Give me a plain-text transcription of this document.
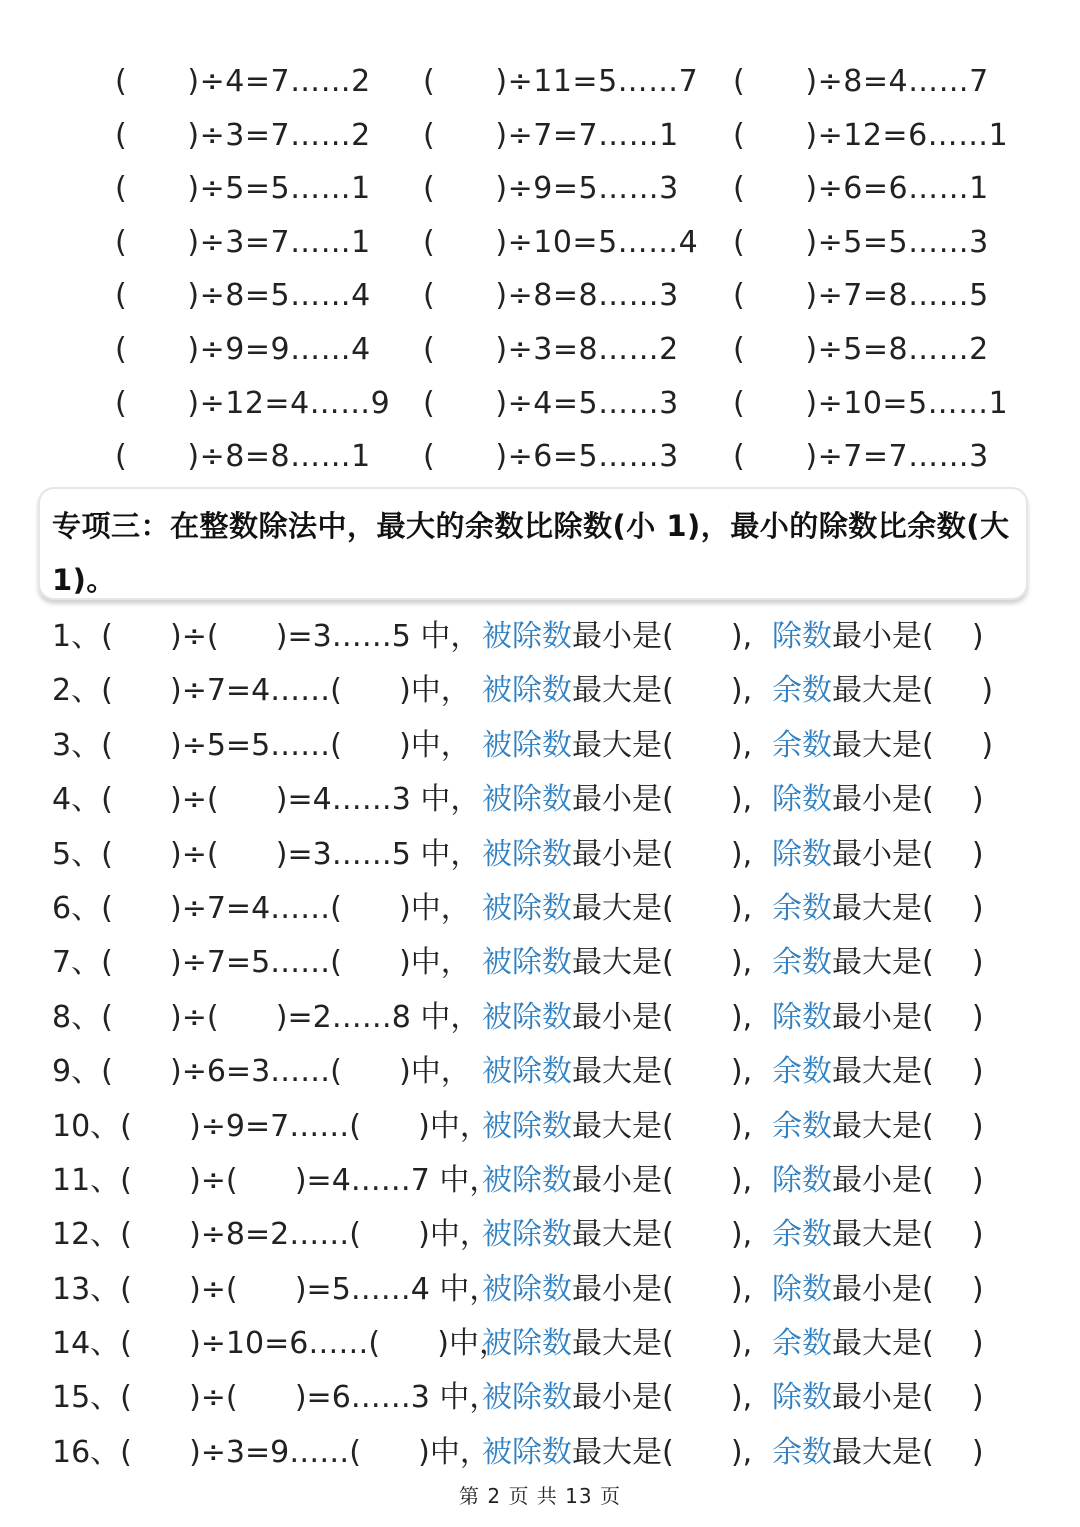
(      )÷4=7……2 (      )÷11=5……7 (      )÷8=4……7
(      )÷3=7……2 (      )÷7=7……1 (      )÷12=6……1
(      )÷5=5……1 (      )÷9=5……3 (      )÷6=6……1
(      )÷3=7……1 (      )÷10=5……4 (      )÷5=5……3
(      )÷8=5……4 (      )÷8=8……3 (      )÷7=8……5
(      )÷9=9……4 (      )÷3=8……2 (      )÷5=8……2
(      )÷12=4……9 (      )÷4=5……3 (      )÷10=5……1
(      )÷8=8……1 (      )÷6=5……3 (      )÷7=7……3
专项三：在整数除法中，最大的余数比除数(小 1)，最小的除数比余数(大 1)。
1、(      )÷(      )=3……5 中， 被除数最小是(      ), 除数最小是(    )
2、(      )÷7=4……(      )中， 被除数最大是(      ), 余数最大是(     )
3、(      )÷5=5……(      )中， 被除数最大是(      ), 余数最大是(     )
4、(      )÷(      )=4……3 中， 被除数最小是(      ), 除数最小是(    )
5、(      )÷(      )=3……5 中， 被除数最小是(      ), 除数最小是(    )
6、(      )÷7=4……(      )中， 被除数最大是(      ), 余数最大是(    )
7、(      )÷7=5……(      )中， 被除数最大是(      ), 余数最大是(    )
8、(      )÷(      )=2……8 中， 被除数最小是(      ), 除数最小是(    )
9、(      )÷6=3……(      )中， 被除数最大是(      ), 余数最大是(    )
10、(      )÷9=7……(      )中，
被除数最大是(      ), 余数最大是(    )
11、(      )÷(      )=4……7 中，
被除数最小是(      ), 除数最小是(    )
12、(      )÷8=2……(      )中，
被除数最大是(      ), 余数最大是(    )
13、(      )÷(      )=5……4 中，
被除数最小是(      ), 除数最小是(    )
14、(      )÷10=6……(      )中，
被除数最大是(      ), 余数最大是(    )
15、(      )÷(      )=6……3 中，
被除数最小是(      ), 除数最小是(    )
16、(      )÷3=9……(      )中，
被除数最大是(      ), 余数最大是(    )
第 2 页 共 13 页
